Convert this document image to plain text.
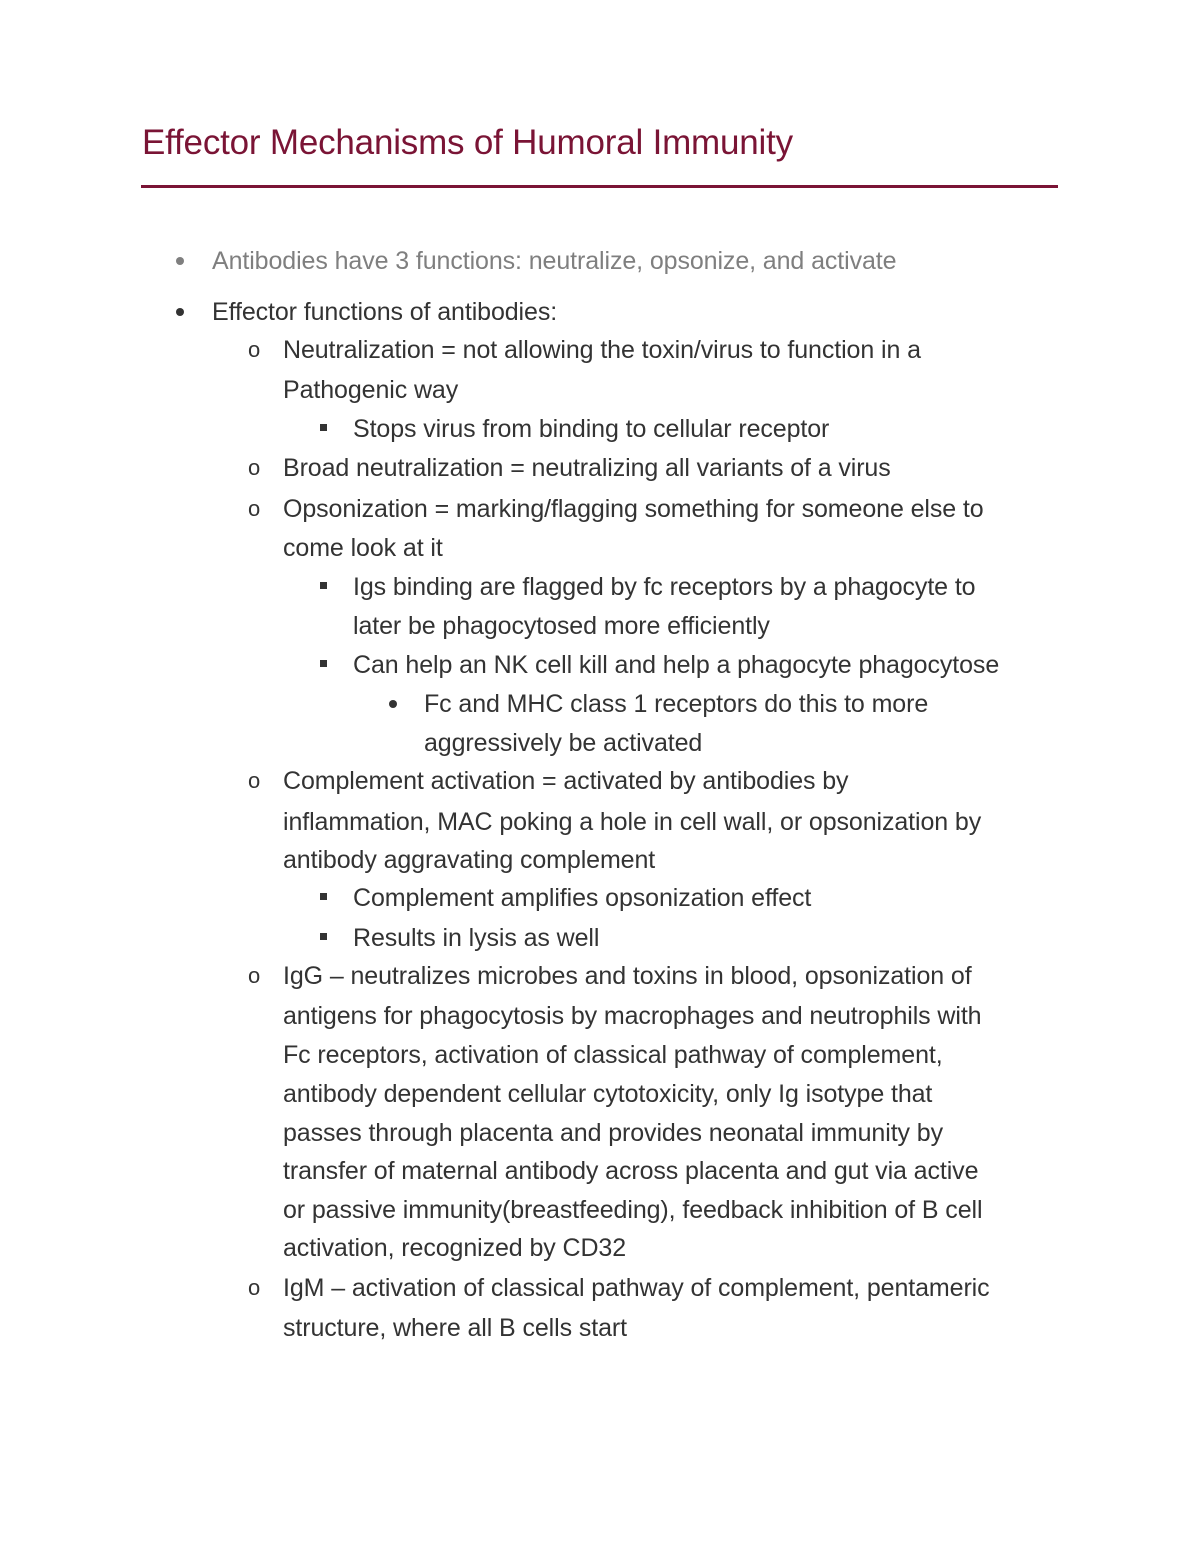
Effector Mechanisms of Humoral Immunity
Antibodies have 3 functions: neutralize, opsonize, and activate
Effector functions of antibodies:
o Neutralization = not allowing the toxin/virus to function in a
Pathogenic way
Stops virus from binding to cellular receptor
o Broad neutralization = neutralizing all variants of a virus
o Opsonization = marking/flagging something for someone else to
come look at it
Igs binding are flagged by fc receptors by a phagocyte to
later be phagocytosed more efficiently
Can help an NK cell kill and help a phagocyte phagocytose
Fc and MHC class 1 receptors do this to more
aggressively be activated
o Complement activation = activated by antibodies by
inflammation, MAC poking a hole in cell wall, or opsonization by
antibody aggravating complement
Complement amplifies opsonization effect
Results in lysis as well
o IgG – neutralizes microbes and toxins in blood, opsonization of
antigens for phagocytosis by macrophages and neutrophils with
Fc receptors, activation of classical pathway of complement,
antibody dependent cellular cytotoxicity, only Ig isotype that
passes through placenta and provides neonatal immunity by
transfer of maternal antibody across placenta and gut via active
or passive immunity(breastfeeding), feedback inhibition of B cell
activation, recognized by CD32
o IgM – activation of classical pathway of complement, pentameric
structure, where all B cells start
